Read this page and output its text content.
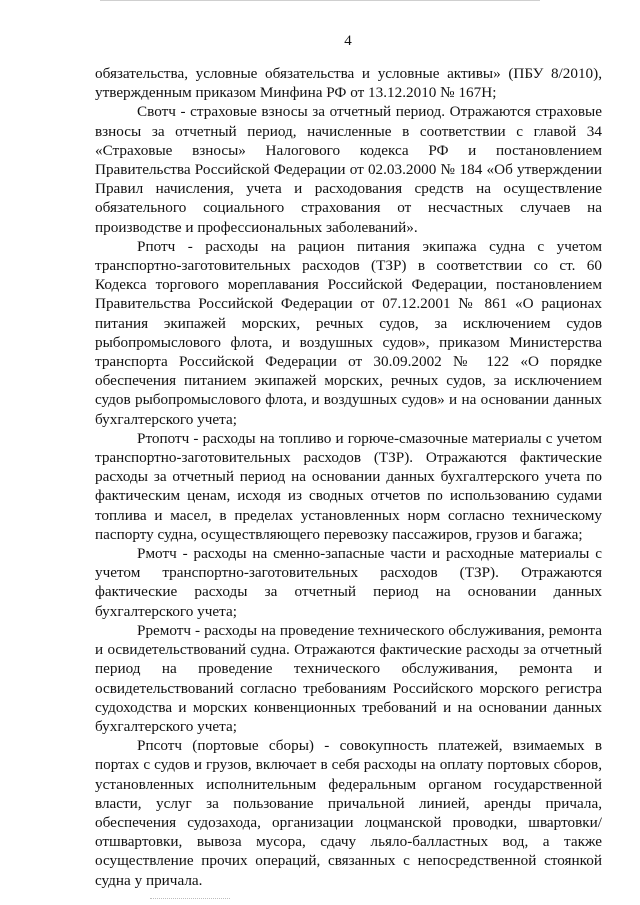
4

обязательства, условные обязательства и условные активы» (ПБУ 8/2010), утвержденным приказом Минфина РФ от 13.12.2010 № 167Н;

Свотч - страховые взносы за отчетный период. Отражаются страховые взносы за отчетный период, начисленные в соответствии с главой 34 «Страховые взносы» Налогового кодекса РФ и постановлением Правительства Российской Федерации от 02.03.2000 № 184 «Об утверждении Правил начисления, учета и расходования средств на осуществление обязательного социального страхования от несчастных случаев на производстве и профессиональных заболеваний».

Рпотч - расходы на рацион питания экипажа судна с учетом транспортно-заготовительных расходов (ТЗР) в соответствии со ст. 60 Кодекса торгового мореплавания Российской Федерации, постановлением Правительства Российской Федерации от 07.12.2001 № 861 «О рационах питания экипажей морских, речных судов, за исключением судов рыбопромыслового флота, и воздушных судов», приказом Министерства транспорта Российской Федерации от 30.09.2002 № 122 «О порядке обеспечения питанием экипажей морских, речных судов, за исключением судов рыбопромыслового флота, и воздушных судов» и на основании данных бухгалтерского учета;

Ртопотч - расходы на топливо и горюче-смазочные материалы с учетом транспортно-заготовительных расходов (ТЗР). Отражаются фактические расходы за отчетный период на основании данных бухгалтерского учета по фактическим ценам, исходя из сводных отчетов по использованию судами топлива и масел, в пределах установленных норм согласно техническому паспорту судна, осуществляющего перевозку пассажиров, грузов и багажа;

Рмотч - расходы на сменно-запасные части и расходные материалы с учетом транспортно-заготовительных расходов (ТЗР). Отражаются фактические расходы за отчетный период на основании данных бухгалтерского учета;

Рремотч - расходы на проведение технического обслуживания, ремонта и освидетельствований судна. Отражаются фактические расходы за отчетный период на проведение технического обслуживания, ремонта и освидетельствований согласно требованиям Российского морского регистра судоходства и морских конвенционных требований и на основании данных бухгалтерского учета;

Рпсотч (портовые сборы) - совокупность платежей, взимаемых в портах с судов и грузов, включает в себя расходы на оплату портовых сборов, установленных исполнительным федеральным органом государственной власти, услуг за пользование причальной линией, аренды причала, обеспечения судозахода, организации лоцманской проводки, швартовки/отшвартовки, вывоза мусора, сдачу льяло-балластных вод, а также осуществление прочих операций, связанных с непосредственной стоянкой судна у причала.
